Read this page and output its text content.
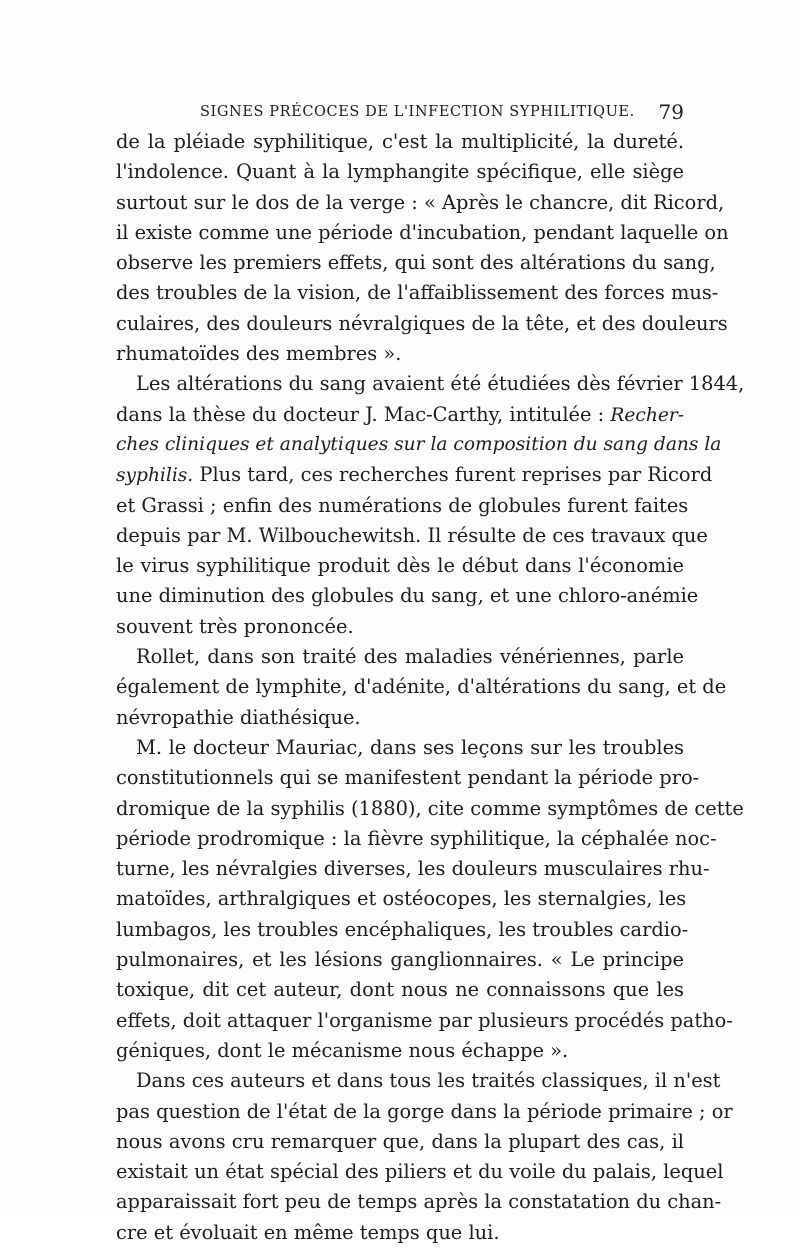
SIGNES PRÉCOCES DE L'INFECTION SYPHILITIQUE. 79
de la pléiade syphilitique, c'est la multiplicité, la dureté.
l'indolence. Quant à la lymphangite spécifique, elle siège
surtout sur le dos de la verge : « Après le chancre, dit Ricord,
il existe comme une période d'incubation, pendant laquelle on
observe les premiers effets, qui sont des altérations du sang,
des troubles de la vision, de l'affaiblissement des forces mus-
culaires, des douleurs névralgiques de la tête, et des douleurs
rhumatoïdes des membres ».
Les altérations du sang avaient été étudiées dès février 1844,
dans la thèse du docteur J. Mac-Carthy, intitulée : Recher-
ches cliniques et analytiques sur la composition du sang dans la
syphilis. Plus tard, ces recherches furent reprises par Ricord
et Grassi ; enfin des numérations de globules furent faites
depuis par M. Wilbouchewitsh. Il résulte de ces travaux que
le virus syphilitique produit dès le début dans l'économie
une diminution des globules du sang, et une chloro-anémie
souvent très prononcée.
Rollet, dans son traité des maladies vénériennes, parle
également de lymphite, d'adénite, d'altérations du sang, et de
névropathie diathésique.
M. le docteur Mauriac, dans ses leçons sur les troubles
constitutionnels qui se manifestent pendant la période pro-
dromique de la syphilis (1880), cite comme symptômes de cette
période prodromique : la fièvre syphilitique, la céphalée noc-
turne, les névralgies diverses, les douleurs musculaires rhu-
matoïdes, arthralgiques et ostéocopes, les sternalgies, les
lumbagos, les troubles encéphaliques, les troubles cardio-
pulmonaires, et les lésions ganglionnaires. « Le principe
toxique, dit cet auteur, dont nous ne connaissons que les
effets, doit attaquer l'organisme par plusieurs procédés patho-
géniques, dont le mécanisme nous échappe ».
Dans ces auteurs et dans tous les traités classiques, il n'est
pas question de l'état de la gorge dans la période primaire ; or
nous avons cru remarquer que, dans la plupart des cas, il
existait un état spécial des piliers et du voile du palais, lequel
apparaissait fort peu de temps après la constatation du chan-
cre et évoluait en même temps que lui.
